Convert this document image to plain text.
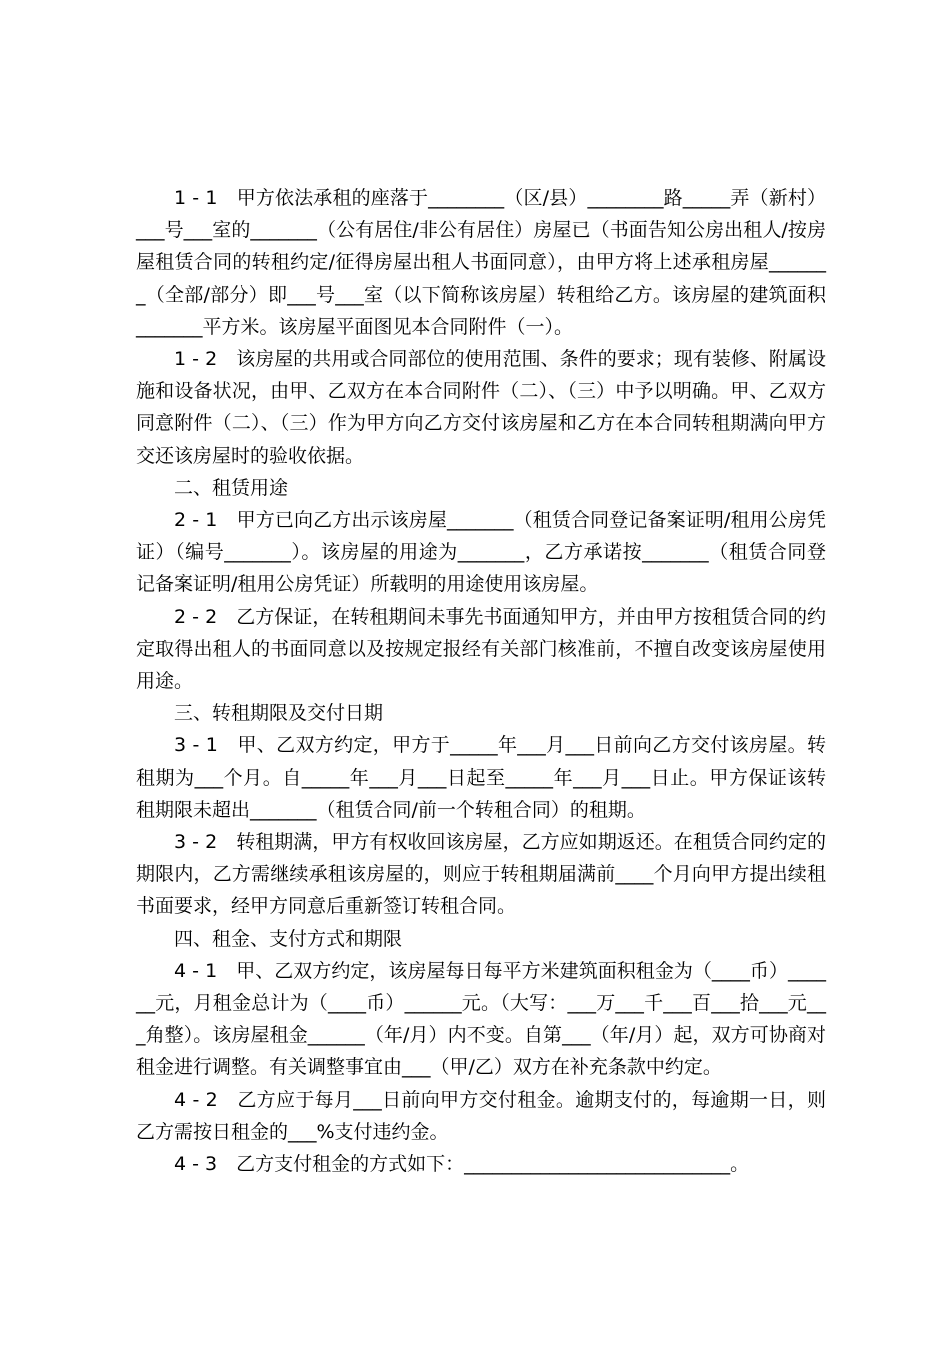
1 - 1　甲方依法承租的座落于________（区/县）________路_____弄（新村）___号___室的_______（公有居住/非公有居住）房屋已（书面告知公房出租人/按房屋租赁合同的转租约定/征得房屋出租人书面同意），由甲方将上述承租房屋_______（全部/部分）即___号___室（以下简称该房屋）转租给乙方。该房屋的建筑面积_______平方米。该房屋平面图见本合同附件（一）。

1 - 2　该房屋的共用或合同部位的使用范围、条件的要求；现有装修、附属设施和设备状况，由甲、乙双方在本合同附件（二）、（三）中予以明确。甲、乙双方同意附件（二）、（三）作为甲方向乙方交付该房屋和乙方在本合同转租期满向甲方交还该房屋时的验收依据。

二、租赁用途

2 - 1　甲方已向乙方出示该房屋_______（租赁合同登记备案证明/租用公房凭证）（编号_______）。该房屋的用途为_______，乙方承诺按_______（租赁合同登记备案证明/租用公房凭证）所载明的用途使用该房屋。

2 - 2　乙方保证，在转租期间未事先书面通知甲方，并由甲方按租赁合同的约定取得出租人的书面同意以及按规定报经有关部门核准前，不擅自改变该房屋使用用途。

三、转租期限及交付日期

3 - 1　甲、乙双方约定，甲方于_____年___月___日前向乙方交付该房屋。转租期为___个月。自_____年___月___日起至_____年___月___日止。甲方保证该转租期限未超出_______（租赁合同/前一个转租合同）的租期。

3 - 2　转租期满，甲方有权收回该房屋，乙方应如期返还。在租赁合同约定的期限内，乙方需继续承租该房屋的，则应于转租期届满前____个月向甲方提出续租书面要求，经甲方同意后重新签订转租合同。

四、租金、支付方式和期限

4 - 1　甲、乙双方约定，该房屋每日每平方米建筑面积租金为（____币）______元，月租金总计为（____币）______元。（大写：___万___千___百___拾___元___角整）。该房屋租金______（年/月）内不变。自第___（年/月）起，双方可协商对租金进行调整。有关调整事宜由___（甲/乙）双方在补充条款中约定。

4 - 2　乙方应于每月___日前向甲方交付租金。逾期支付的，每逾期一日，则乙方需按日租金的___%支付违约金。

4 - 3　乙方支付租金的方式如下：____________________________。
